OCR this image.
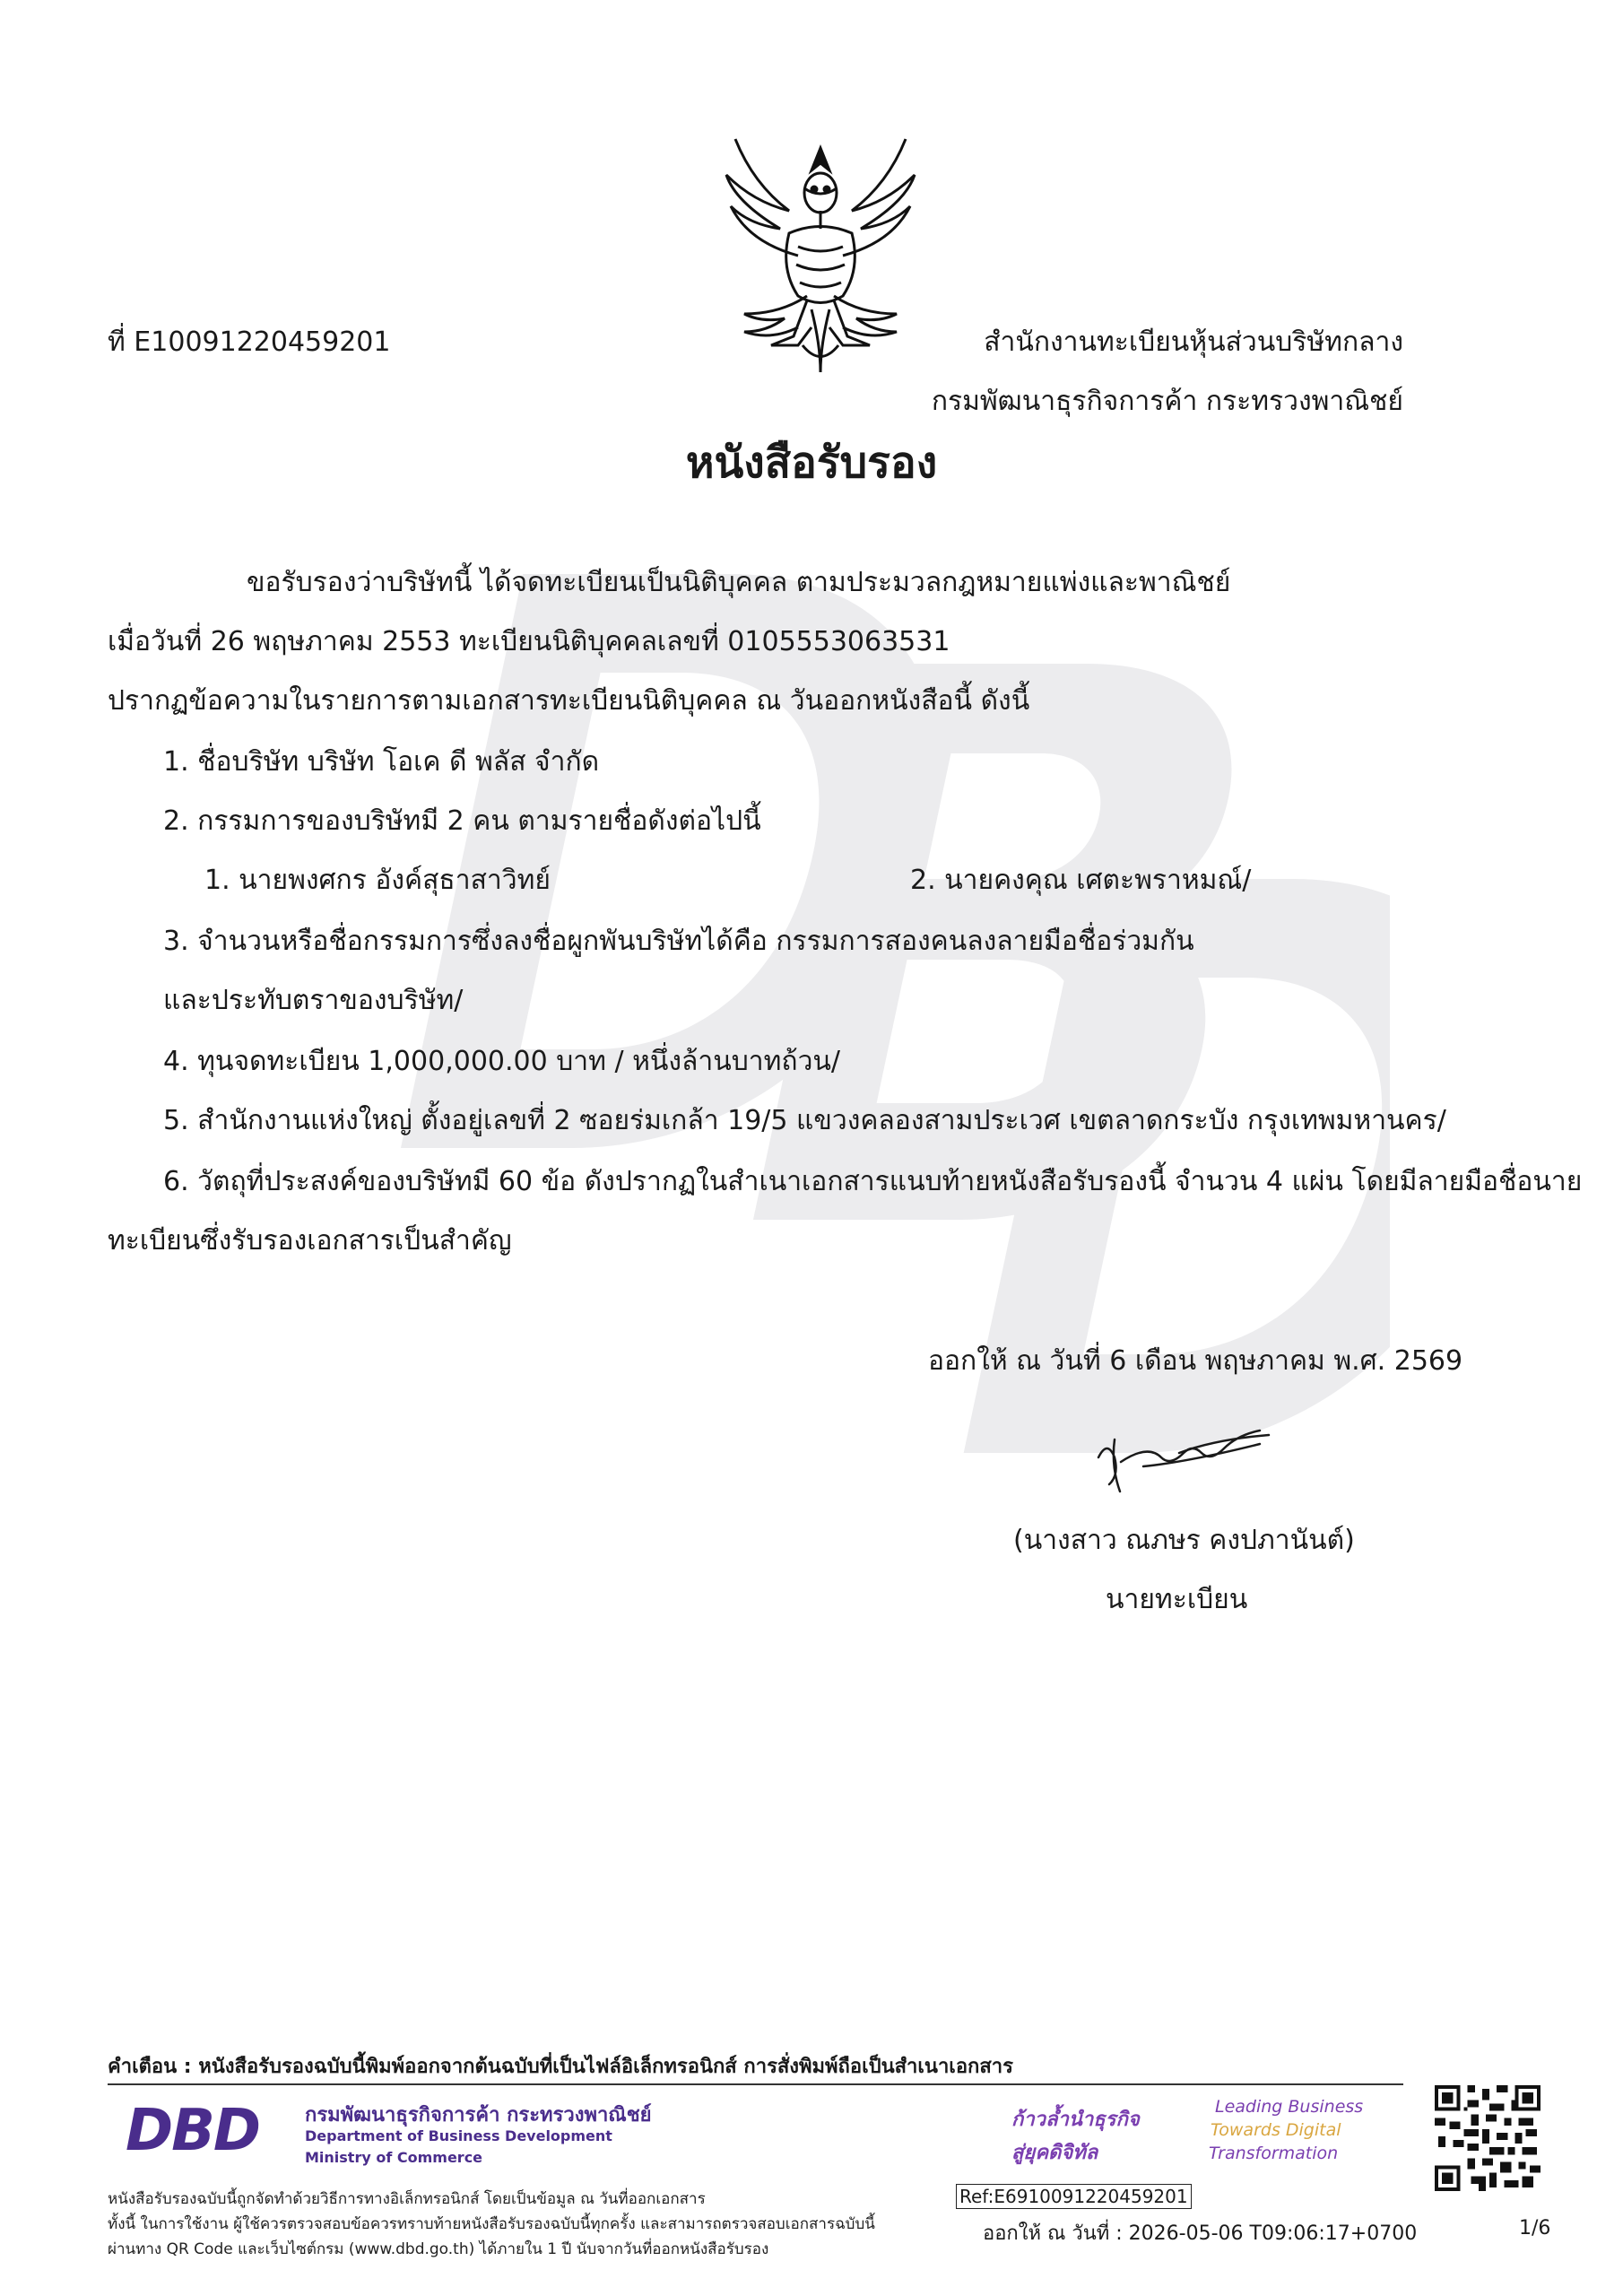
ที่ E10091220459201	สำนักงานทะเบียนหุ้นส่วนบริษัทกลาง
กรมพัฒนาธุรกิจการค้า กระทรวงพาณิชย์
หนังสือรับรอง
ขอรับรองว่าบริษัทนี้ ได้จดทะเบียนเป็นนิติบุคคล ตามประมวลกฎหมายแพ่งและพาณิชย์
เมื่อวันที่ 26 พฤษภาคม 2553 ทะเบียนนิติบุคคลเลขที่ 0105553063531
ปรากฏข้อความในรายการตามเอกสารทะเบียนนิติบุคคล ณ วันออกหนังสือนี้ ดังนี้
1. ชื่อบริษัท บริษัท โอเค ดี พลัส จำกัด
2. กรรมการของบริษัทมี 2 คน ตามรายชื่อดังต่อไปนี้
1. นายพงศกร อังค์สุธาสาวิทย์	2. นายคงคุณ เศตะพราหมณ์/
3. จำนวนหรือชื่อกรรมการซึ่งลงชื่อผูกพันบริษัทได้คือ กรรมการสองคนลงลายมือชื่อร่วมกัน
และประทับตราของบริษัท/
4. ทุนจดทะเบียน 1,000,000.00 บาท / หนึ่งล้านบาทถ้วน/
5. สำนักงานแห่งใหญ่ ตั้งอยู่เลขที่ 2 ซอยร่มเกล้า 19/5 แขวงคลองสามประเวศ เขตลาดกระบัง กรุงเทพมหานคร/
6. วัตถุที่ประสงค์ของบริษัทมี 60 ข้อ ดังปรากฏในสำเนาเอกสารแนบท้ายหนังสือรับรองนี้ จำนวน 4 แผ่น โดยมีลายมือชื่อนาย
ทะเบียนซึ่งรับรองเอกสารเป็นสำคัญ
ออกให้ ณ วันที่ 6 เดือน พฤษภาคม พ.ศ. 2569
(นางสาว ณภษร คงปภานันต์)
นายทะเบียน
คำเตือน : หนังสือรับรองฉบับนี้พิมพ์ออกจากต้นฉบับที่เป็นไฟล์อิเล็กทรอนิกส์ การสั่งพิมพ์ถือเป็นสำเนาเอกสาร
DBD กรมพัฒนาธุรกิจการค้า กระทรวงพาณิชย์
Department of Business Development
Ministry of Commerce
ก้าวล้ำนำธุรกิจ
สู่ยุคดิจิทัล
Leading Business
Towards Digital
Transformation
หนังสือรับรองฉบับนี้ถูกจัดทำด้วยวิธีการทางอิเล็กทรอนิกส์ โดยเป็นข้อมูล ณ วันที่ออกเอกสาร
ทั้งนี้ ในการใช้งาน ผู้ใช้ควรตรวจสอบข้อควรทราบท้ายหนังสือรับรองฉบับนี้ทุกครั้ง และสามารถตรวจสอบเอกสารฉบับนี้
ผ่านทาง QR Code และเว็บไซต์กรม (www.dbd.go.th) ได้ภายใน 1 ปี นับจากวันที่ออกหนังสือรับรอง
Ref:E6910091220459201
ออกให้ ณ วันที่ : 2026-05-06 T09:06:17+0700	1/6
